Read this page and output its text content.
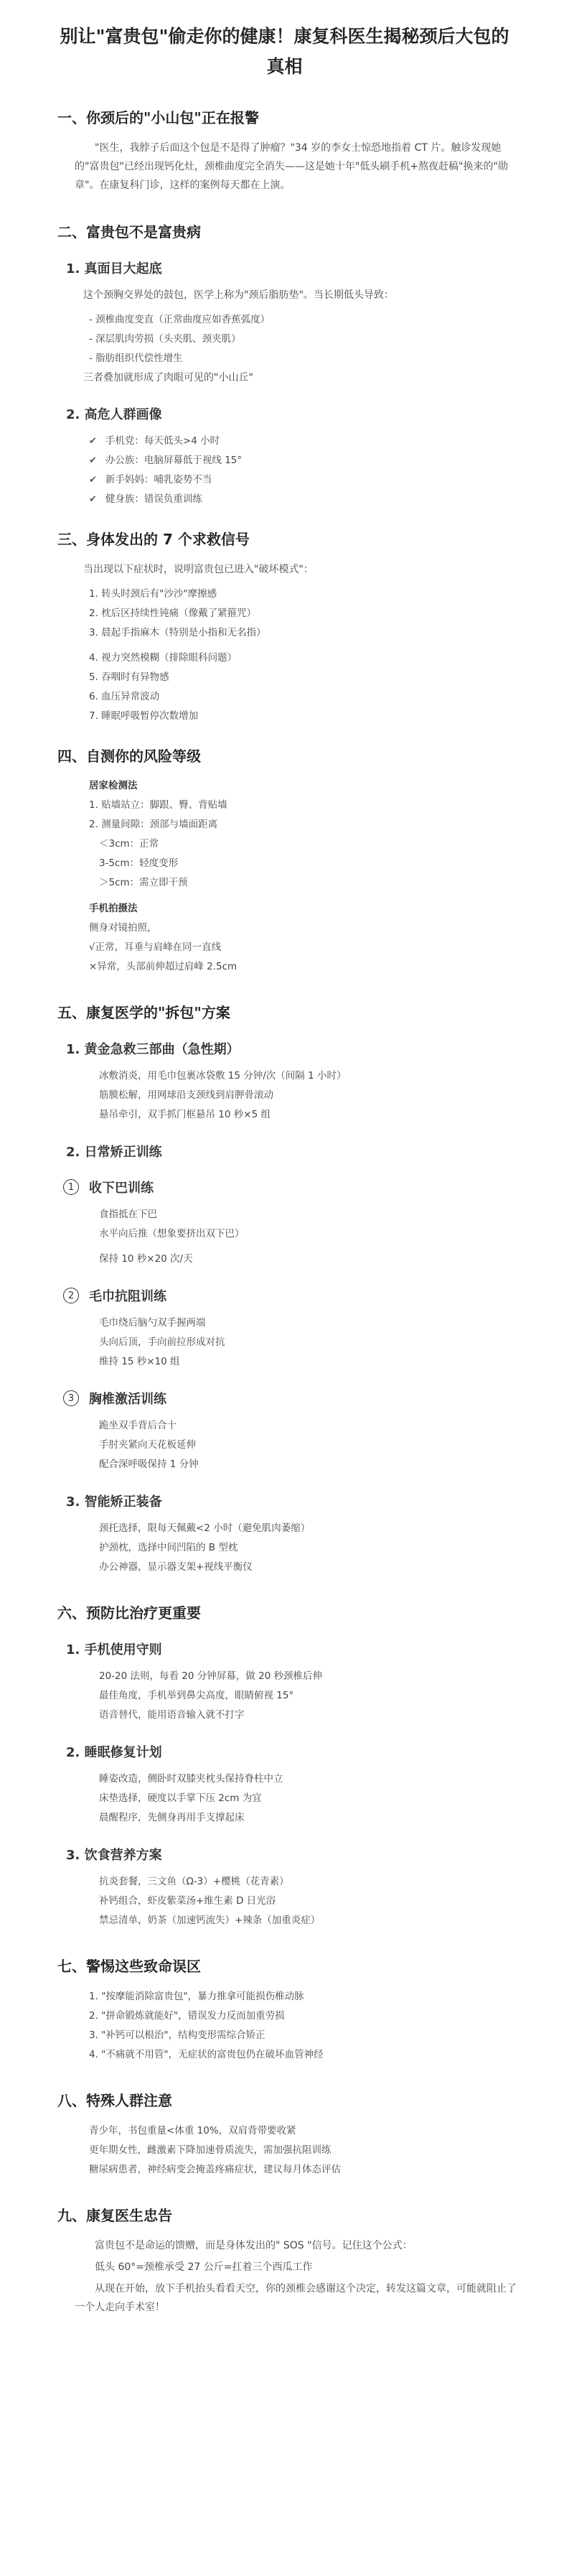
别让"富贵包"偷走你的健康！康复科医生揭秘颈后大包的真相
一、你颈后的"小山包"正在报警
"医生，我脖子后面这个包是不是得了肿瘤？"34 岁的李女士惊恐地指着 CT 片。触诊发现她的"富贵包"已经出现钙化灶，颈椎曲度完全消失——这是她十年"低头刷手机+熬夜赶稿"换来的"勋章"。在康复科门诊，这样的案例每天都在上演。
二、富贵包不是富贵病
1. 真面目大起底
这个颈胸交界处的鼓包，医学上称为"颈后脂肪垫"。当长期低头导致：
- 颈椎曲度变直（正常曲度应如香蕉弧度）
- 深层肌肉劳损（头夹肌、颈夹肌）
- 脂肪组织代偿性增生
三者叠加就形成了肉眼可见的"小山丘"
2. 高危人群画像
✔ 手机党：每天低头>4 小时
✔ 办公族：电脑屏幕低于视线 15°
✔ 新手妈妈：哺乳姿势不当
✔ 健身族：错误负重训练
三、身体发出的 7 个求救信号
当出现以下症状时，说明富贵包已进入"破坏模式"：
1. 转头时颈后有"沙沙"摩擦感
2. 枕后区持续性钝痛（像戴了紧箍咒）
3. 晨起手指麻木（特别是小指和无名指）
4. 视力突然模糊（排除眼科问题）
5. 吞咽时有异物感
6. 血压异常波动
7. 睡眠呼吸暂停次数增加
四、自测你的风险等级
居家检测法
1. 贴墙站立：脚跟、臀、背贴墙
2. 测量间隙：颈部与墙面距离
＜3cm：正常
3-5cm：轻度变形
＞5cm：需立即干预
手机拍摄法
侧身对镜拍照，
√正常，耳垂与肩峰在同一直线
×异常，头部前伸超过肩峰 2.5cm
五、康复医学的"拆包"方案
1. 黄金急救三部曲（急性期）
冰敷消炎，用毛巾包裹冰袋敷 15 分钟/次（间隔 1 小时）
筋膜松解，用网球沿支颈线到肩胛骨滚动
悬吊牵引，双手抓门框悬吊 10 秒×5 组
2. 日常矫正训练
1	收下巴训练
食指抵在下巴
水平向后推（想象要挤出双下巴）
保持 10 秒×20 次/天
2	毛巾抗阻训练
毛巾绕后脑勺双手握两端
头向后顶，手向前拉形成对抗
维持 15 秒×10 组
3	胸椎激活训练
跪坐双手背后合十
手肘夹紧向天花板延伸
配合深呼吸保持 1 分钟
3. 智能矫正装备
颈托选择，限每天佩戴<2 小时（避免肌肉萎缩）
护颈枕，选择中间凹陷的 B 型枕
办公神器，显示器支架+视线平衡仪
六、预防比治疗更重要
1. 手机使用守则
20-20 法则，每看 20 分钟屏幕，做 20 秒颈椎后伸
最佳角度，手机举到鼻尖高度，眼睛俯视 15°
语音替代，能用语音输入就不打字
2. 睡眠修复计划
睡姿改造，侧卧时双膝夹枕头保持脊柱中立
床垫选择，硬度以手掌下压 2cm 为宜
晨醒程序，先侧身再用手支撑起床
3. 饮食营养方案
抗炎套餐，三文鱼（Ω-3）+樱桃（花青素）
补钙组合，虾皮紫菜汤+维生素 D 日光浴
禁忌清单，奶茶（加速钙流失）+辣条（加重炎症）
七、警惕这些致命误区
1. "按摩能消除富贵包"，暴力推拿可能损伤椎动脉
2. "拼命锻炼就能好"，错误发力反而加重劳损
3. "补钙可以根治"，结构变形需综合矫正
4. "不痛就不用管"，无症状的富贵包仍在破坏血管神经
八、特殊人群注意
青少年，书包重量<体重 10%，双肩背带要收紧
更年期女性，雌激素下降加速骨质流失，需加强抗阻训练
糖尿病患者，神经病变会掩盖疼痛症状，建议每月体态评估
九、康复医生忠告
富贵包不是命运的馈赠，而是身体发出的" SOS "信号。记住这个公式：
低头 60°=颈椎承受 27 公斤=扛着三个西瓜工作
从现在开始，放下手机抬头看看天空，你的颈椎会感谢这个决定，转发这篇文章，可能就阻止了一个人走向手术室！
